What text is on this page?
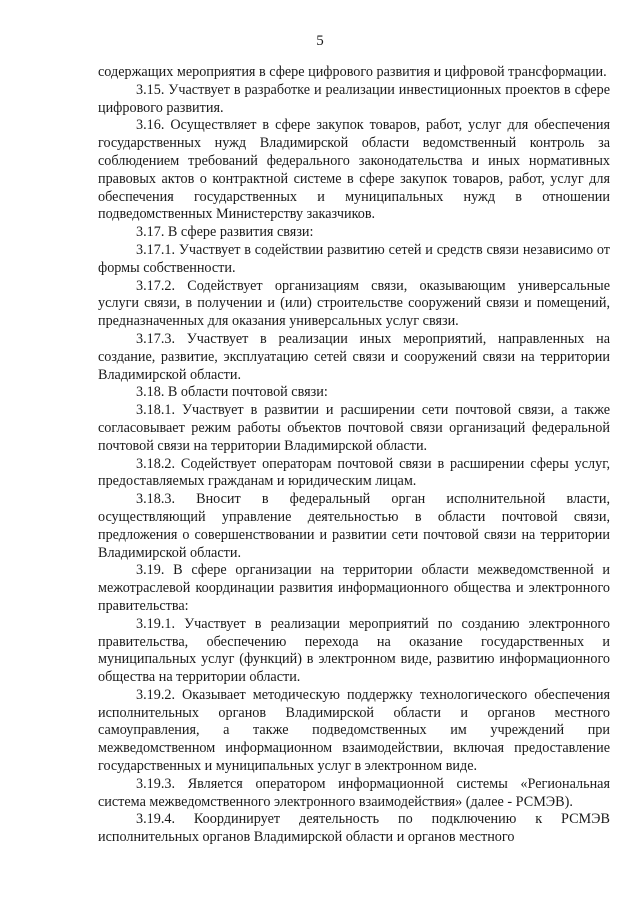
5

содержащих мероприятия в сфере цифрового развития и цифровой трансформации.

3.15. Участвует в разработке и реализации инвестиционных проектов в сфере цифрового развития.

3.16. Осуществляет в сфере закупок товаров, работ, услуг для обеспечения государственных нужд Владимирской области ведомственный контроль за соблюдением требований федерального законодательства и иных нормативных правовых актов о контрактной системе в сфере закупок товаров, работ, услуг для обеспечения государственных и муниципальных нужд в отношении подведомственных Министерству заказчиков.

3.17. В сфере развития связи:

3.17.1. Участвует в содействии развитию сетей и средств связи независимо от формы собственности.

3.17.2. Содействует организациям связи, оказывающим универсальные услуги связи, в получении и (или) строительстве сооружений связи и помещений, предназначенных для оказания универсальных услуг связи.

3.17.3. Участвует в реализации иных мероприятий, направленных на создание, развитие, эксплуатацию сетей связи и сооружений связи на территории Владимирской области.

3.18. В области почтовой связи:

3.18.1. Участвует в развитии и расширении сети почтовой связи, а также согласовывает режим работы объектов почтовой связи организаций федеральной почтовой связи на территории Владимирской области.

3.18.2. Содействует операторам почтовой связи в расширении сферы услуг, предоставляемых гражданам и юридическим лицам.

3.18.3. Вносит в федеральный орган исполнительной власти, осуществляющий управление деятельностью в области почтовой связи, предложения о совершенствовании и развитии сети почтовой связи на территории Владимирской области.

3.19. В сфере организации на территории области межведомственной и межотраслевой координации развития информационного общества и электронного правительства:

3.19.1. Участвует в реализации мероприятий по созданию электронного правительства, обеспечению перехода на оказание государственных и муниципальных услуг (функций) в электронном виде, развитию информационного общества на территории области.

3.19.2. Оказывает методическую поддержку технологического обеспечения исполнительных органов Владимирской области и органов местного самоуправления, а также подведомственных им учреждений при межведомственном информационном взаимодействии, включая предоставление государственных и муниципальных услуг в электронном виде.

3.19.3. Является оператором информационной системы «Региональная система межведомственного электронного взаимодействия» (далее - РСМЭВ).

3.19.4. Координирует деятельность по подключению к РСМЭВ исполнительных органов Владимирской области и органов местного
